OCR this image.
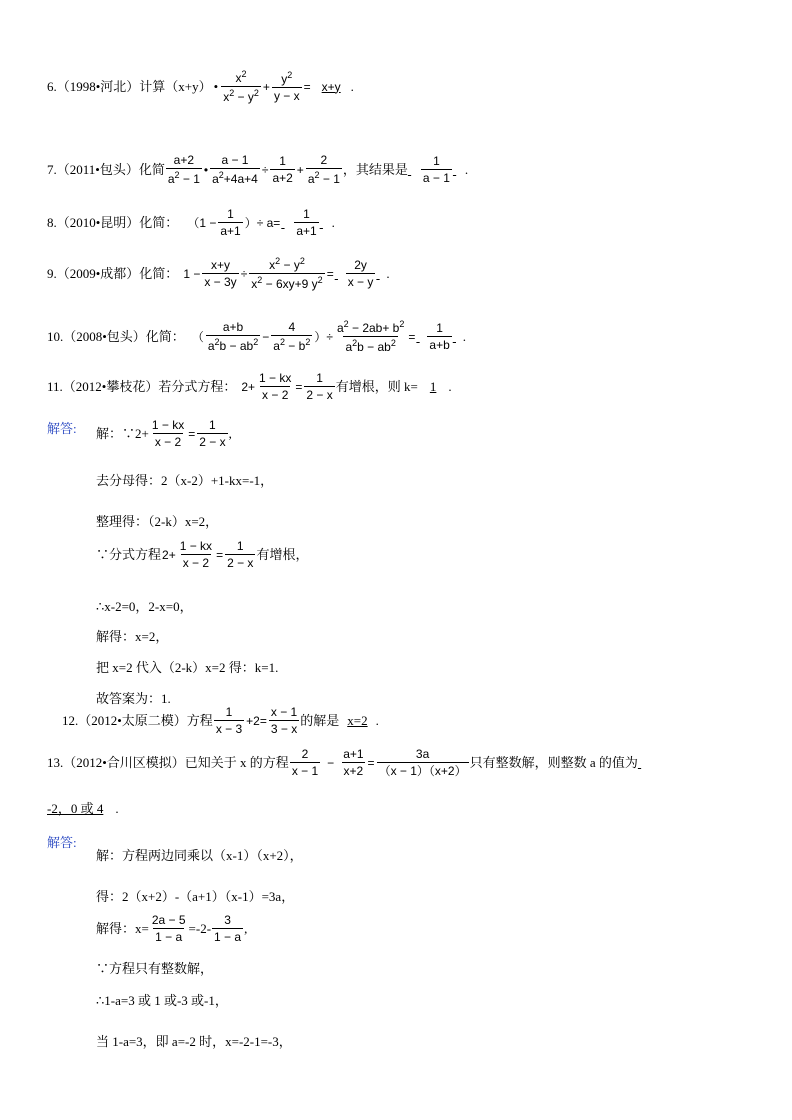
6. （1998•河北）计算（x+y） • $\frac{x^2}{x^2 - y^2} + \frac{y^2}{y - x} = x+y$ .
7. （2011•包头）化简 $\frac{a+2}{a^2 - 1}$ • $\frac{a - 1}{a^2+4a+4} \div \frac{1}{a+2} + \frac{2}{a^2 - 1}$ ，其结果是
$\frac{1}{a - 1}$
.
8. （2010•昆明）化简： （$1 - \frac{1}{a+1}$ ）÷ a=
$\frac{1}{a+1}$
.
9. （2009•成都）化简： $1 - \frac{x+y}{x - 3y} \div \frac{x^2 - y^2}{x^2 - 6xy+9 y^2}$ =
$\frac{2y}{x - y}$
.
10. （2008•包头）化简： （ $\frac{a+b}{a^2b - ab^2} - \frac{4}{a^2 - b^2}$ ）÷ $\frac{a^2 - 2ab+ b^2}{a^2b - ab^2}$ =
$\frac{1}{a+b}$
.
11. （2012•攀枝花）若分式方程： $2+ \frac{1 - kx}{x - 2} = \frac{1}{2 - x}$ 有增根，则 k= 1 .
解答: 解：∵2+ $\frac{1 - kx}{x - 2} = \frac{1}{2 - x}$ ,
去分母得：2（x-2）+1-kx=-1，
整理得：（2-k）x=2，
∵分式方程 $2+ \frac{1 - kx}{x - 2} = \frac{1}{2 - x}$ 有增根，
∴x-2=0，2-x=0，
解得：x=2，
把 x=2 代入（2-k）x=2 得：k=1.
故答案为：1.
12. （2012•太原二模）方程 $\frac{1}{x - 3} +2= \frac{x - 1}{3 - x}$ 的解是 x=2 .
13. （2012•合川区模拟）已知关于 x 的方程 $\frac{2}{x - 1} - \frac{a+1}{x+2} = \frac{3a}{(x - 1)(x+2)}$ 只有整数解，则整数 a 的值为

-2，0 或 4 .
解答:
解：方程两边同乘以（x-1）（x+2），
得：2（x+2）-（a+1）（x-1）=3a，
解得：$x= \frac{2a - 5}{1 - a} =-2- \frac{3}{1 - a}$ ,
∵方程只有整数解，
∴1-a=3 或 1 或-3 或-1，
当 1-a=3，即 a=-2 时，x=-2-1=-3，
